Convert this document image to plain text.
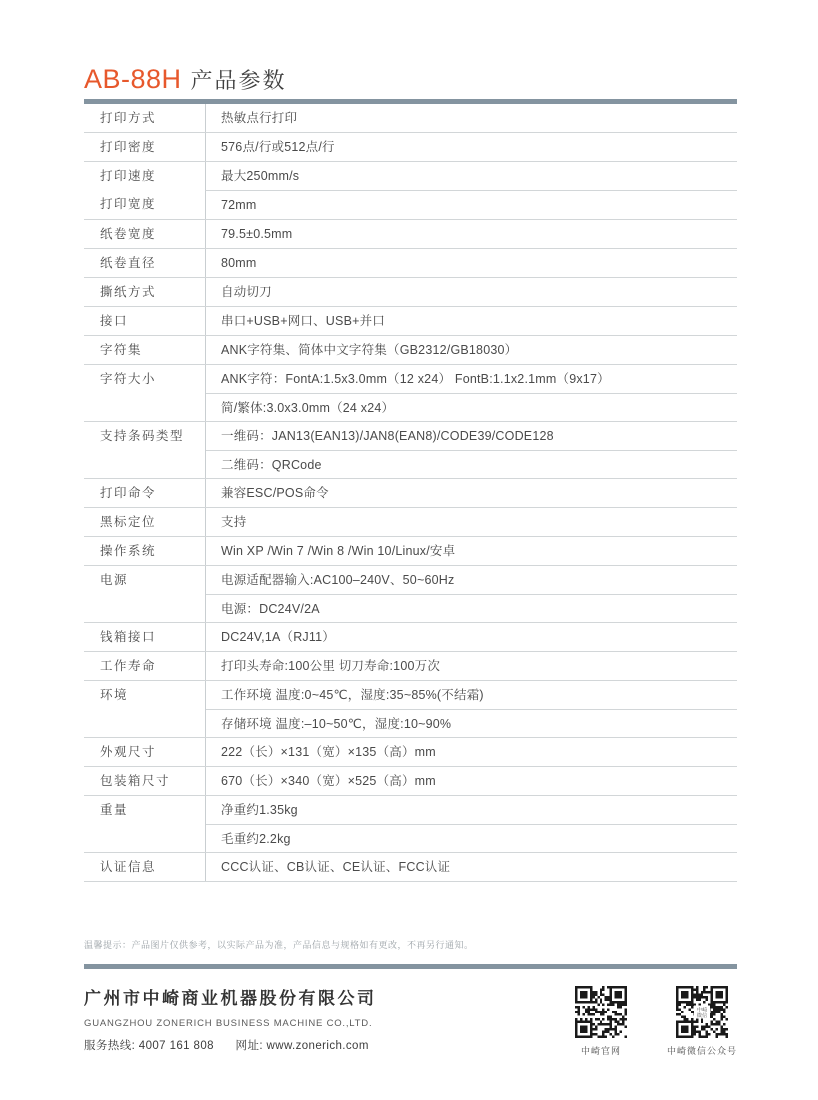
AB-88H 产品参数
打印方式	热敏点行打印
打印密度	576点/行或512点/行
打印速度	最大250mm/s
打印宽度	72mm
纸卷宽度	79.5±0.5mm
纸卷直径	80mm
撕纸方式	自动切刀
接口	串口+USB+网口、USB+并口
字符集	ANK字符集、简体中文字符集（GB2312/GB18030）
字符大小	ANK字符：FontA:1.5x3.0mm（12 x24） FontB:1.1x2.1mm（9x17）
简/繁体:3.0x3.0mm（24 x24）
支持条码类型	一维码：JAN13(EAN13)/JAN8(EAN8)/CODE39/CODE128
二维码：QRCode
打印命令	兼容ESC/POS命令
黑标定位	支持
操作系统	Win XP /Win 7 /Win 8 /Win 10/Linux/安卓
电源	电源适配器输入:AC100–240V、50~60Hz
电源：DC24V/2A
钱箱接口	DC24V,1A（RJ11）
工作寿命	打印头寿命:100公里 切刀寿命:100万次
环境	工作环境 温度:0~45℃，湿度:35~85%(不结霜)
存储环境 温度:–10~50℃，湿度:10~90%
外观尺寸	222（长）×131（宽）×135（高）mm
包装箱尺寸	670（长）×340（宽）×525（高）mm
重量	净重约1.35kg
毛重约2.2kg
认证信息	CCC认证、CB认证、CE认证、FCC认证
温馨提示：产品图片仅供参考，以实际产品为准，产品信息与规格如有更改，不再另行通知。
广州市中崎商业机器股份有限公司
GUANGZHOU ZONERICH BUSINESS MACHINE CO.,LTD.
服务热线: 4007 161 808 网址: www.zonerich.com	中崎官网
中崎
微信
中崎微信公众号
